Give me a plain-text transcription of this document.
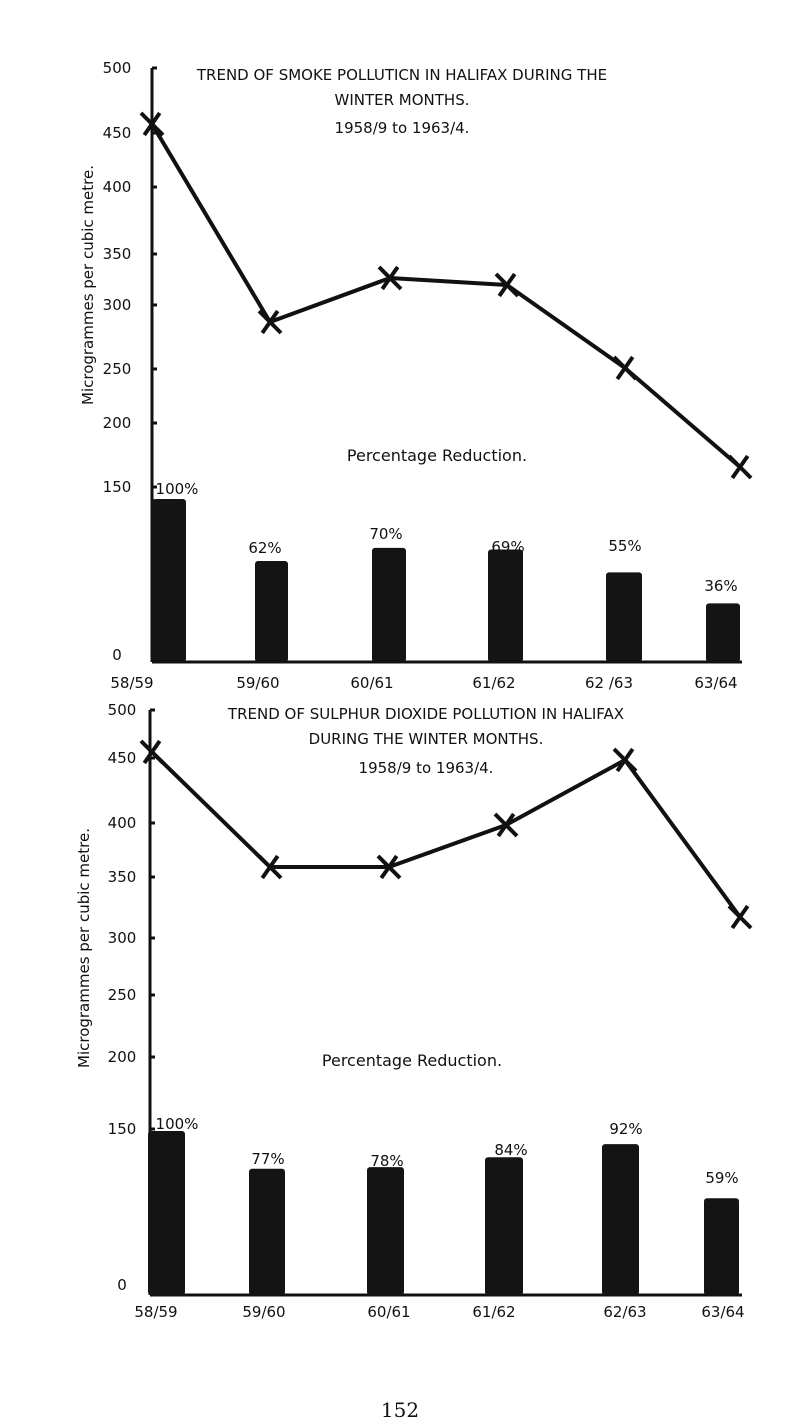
TREND OF SMOKE POLLUTICN IN HALIFAX DURING THE
WINTER MONTHS.
1958/9 to 1963/4.
Microgrammes per cubic metre.
500
450
400
350
300
250
200
150
0
100%
62%
70%
69%	55%
36%
Percentage Reduction.
58/59	59/60	60/61	61/62	62 /63	63/64
TREND OF SULPHUR DIOXIDE POLLUTION IN HALIFAX
DURING THE WINTER MONTHS.
1958/9 to 1963/4.
Microgrammes per cubic metre.
500
450
400
350
300
250
200
150
0
100%
77%	78%
84%
92%
59%
Percentage Reduction.
58/59	59/60	60/61	61/62	62/63	63/64
152
